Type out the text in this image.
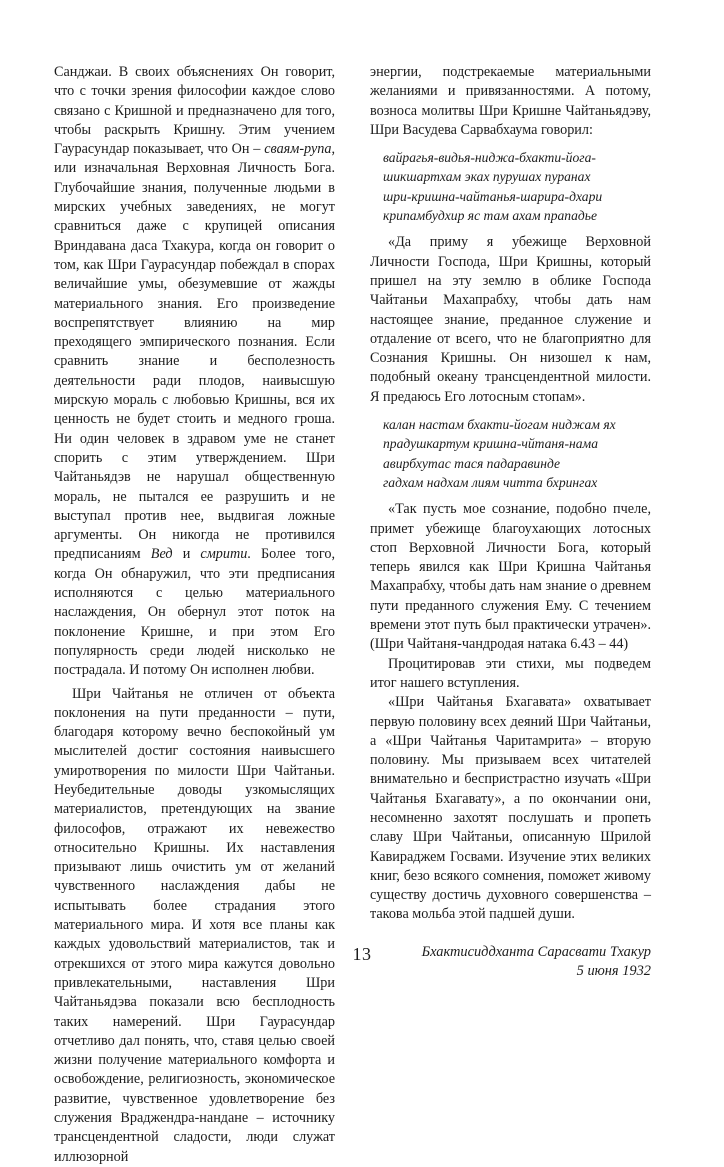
Санджаи. В своих объяснениях Он говорит, что с точки зрения философии каждое слово связано с Кришной и предназначено для того, чтобы раскрыть Кришну. Этим учением Гаурасундар показывает, что Он – сваям-рупа, или изначальная Верховная Личность Бога. Глубочайшие знания, полученные людьми в мирских учебных заведениях, не могут сравниться даже с крупицей описания Вриндавана даса Тхакура, когда он говорит о том, как Шри Гаурасундар побеждал в спорах величайшие умы, обезумевшие от жажды материального знания. Его произведение воспрепятствует влиянию на мир преходящего эмпирического познания. Если сравнить знание и бесполезность деятельности ради плодов, наивысшую мирскую мораль с любовью Кришны, вся их ценность не будет стоить и медного гроша. Ни один человек в здравом уме не станет спорить с этим утверждением. Шри Чайтаньядэв не нарушал общественную мораль, не пытался ее разрушить и не выступал против нее, выдвигая ложные аргументы. Он никогда не противился предписаниям Вед и смрити. Более того, когда Он обнаружил, что эти предписания исполняются с целью материального наслаждения, Он обернул этот поток на поклонение Кришне, и при этом Его популярность среди людей нисколько не пострадала. И потому Он исполнен любви.

Шри Чайтанья не отличен от объекта поклонения на пути преданности – пути, благодаря которому вечно беспокойный ум мыслителей достиг состояния наивысшего умиротворения по милости Шри Чайтаньи. Неубедительные доводы узкомыслящих материалистов, претендующих на звание философов, отражают их невежество относительно Кришны. Их наставления призывают лишь очистить ум от желаний чувственного наслаждения дабы не испытывать более страдания этого материального мира. И хотя все планы как каждых удовольствий материалистов, так и отрекшихся от этого мира кажутся довольно привлекательными, наставления Шри Чайтаньядэва показали всю бесплодность таких намерений. Шри Гаурасундар отчетливо дал понять, что, ставя целью своей жизни получение материального комфорта и освобождение, религиозность, экономическое развитие, чувственное удовлетворение без служения Враджендра-нандане – источнику трансцендентной сладости, люди служат иллюзорной

энергии, подстрекаемые материальными желаниями и привязанностями. А потому, возноса молитвы Шри Кришне Чайтаньядэву, Шри Васудева Сарвабхаума говорил:

вайрагья-видья-ниджа-бхакти-йога-
шикшартхам эках пурушах пуранах
шри-кришна-чайтанья-шарира-дхари
крипамбудхир яс там ахам прападье

«Да приму я убежище Верховной Личности Господа, Шри Кришны, который пришел на эту землю в облике Господа Чайтаньи Махапрабху, чтобы дать нам настоящее знание, преданное служение и отдаление от всего, что не благоприятно для Сознания Кришны. Он низошел к нам, подобный океану трансцендентной милости. Я предаюсь Его лотосным стопам».

калан настам бхакти-йогам ниджам ях
прадушкартум кришна-чйтаня-нама
авирбхутас тася падаравинде
гадхам надхам лиям читта бхрингах

«Так пусть мое сознание, подобно пчеле, примет убежище благоухающих лотосных стоп Верховной Личности Бога, который теперь явился как Шри Кришна Чайтанья Махапрабху, чтобы дать нам знание о древнем пути преданного служения Ему. С течением времени этот путь был практически утрачен». (Шри Чайтаня-чандродая натака 6.43 – 44)

Процитировав эти стихи, мы подведем итог нашего вступления.

«Шри Чайтанья Бхагавата» охватывает первую половину всех деяний Шри Чайтаньи, а «Шри Чайтанья Чаритамрита» – вторую половину. Мы призываем всех читателей внимательно и беспристрастно изучать «Шри Чайтанья Бхагавату», а по окончании они, несомненно захотят послушать и пропеть славу Шри Чайтаньи, описанную Шрилой Кавираджем Госвами. Изучение этих великих книг, безо всякого сомнения, поможет живому существу достичь духовного совершенства – такова мольба этой падшей души.

Бхактисиддханта Сарасвати Тхакур
5 июня 1932
13
